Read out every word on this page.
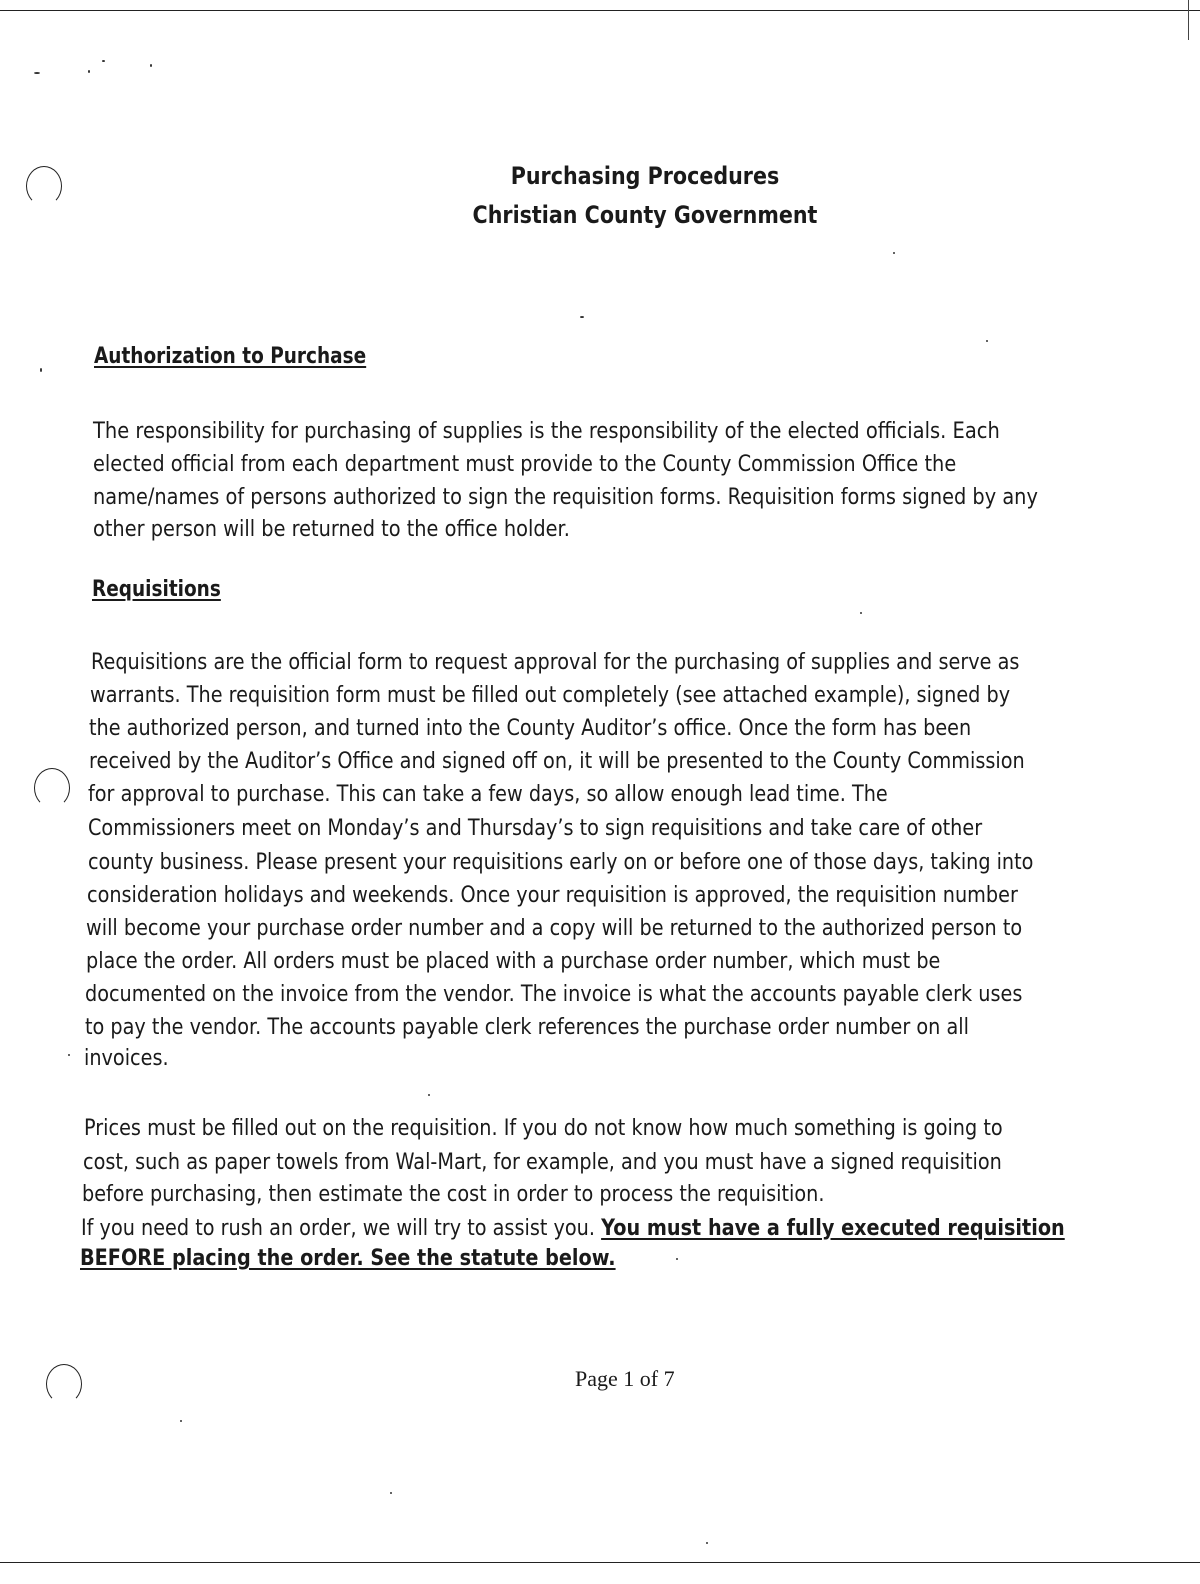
Purchasing Procedures
Christian County Government
Authorization to Purchase
The responsibility for purchasing of supplies is the responsibility of the elected officials. Each
elected official from each department must provide to the County Commission Office the
name/names of persons authorized to sign the requisition forms. Requisition forms signed by any
other person will be returned to the office holder.
Requisitions
Requisitions are the official form to request approval for the purchasing of supplies and serve as
warrants. The requisition form must be filled out completely (see attached example), signed by
the authorized person, and turned into the County Auditor’s office. Once the form has been
received by the Auditor’s Office and signed off on, it will be presented to the County Commission
for approval to purchase. This can take a few days, so allow enough lead time. The
Commissioners meet on Monday’s and Thursday’s to sign requisitions and take care of other
county business. Please present your requisitions early on or before one of those days, taking into
consideration holidays and weekends. Once your requisition is approved, the requisition number
will become your purchase order number and a copy will be returned to the authorized person to
place the order. All orders must be placed with a purchase order number, which must be
documented on the invoice from the vendor. The invoice is what the accounts payable clerk uses
to pay the vendor. The accounts payable clerk references the purchase order number on all
invoices.
Prices must be filled out on the requisition. If you do not know how much something is going to
cost, such as paper towels from Wal-Mart, for example, and you must have a signed requisition
before purchasing, then estimate the cost in order to process the requisition.
If you need to rush an order, we will try to assist you. You must have a fully executed requisition
BEFORE placing the order. See the statute below.
Page 1 of 7
